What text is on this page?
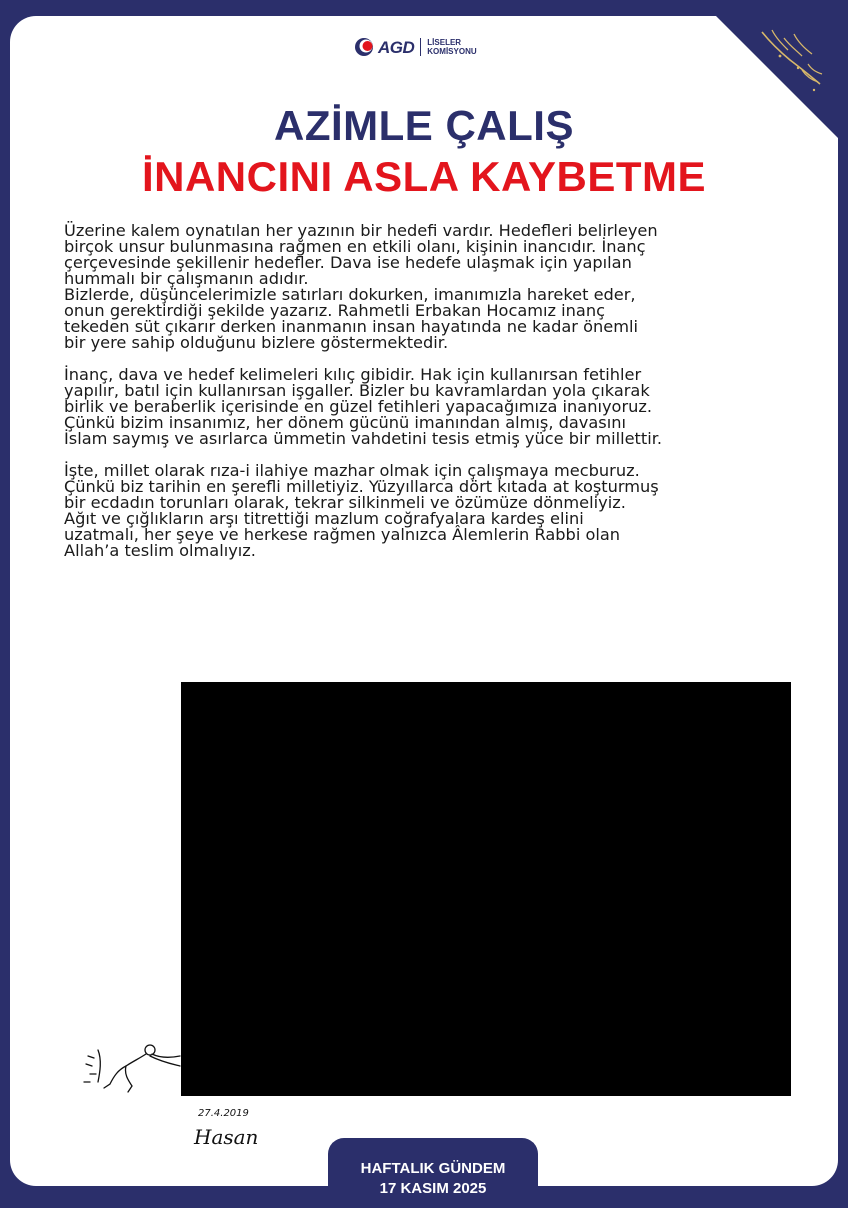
AGD LİSELER
KOMİSYONU
AZİMLE ÇALIŞ
İNANCINI ASLA KAYBETME

Üzerine kalem oynatılan her yazının bir hedefi vardır. Hedefleri belirleyen
birçok unsur bulunmasına rağmen en etkili olanı, kişinin inancıdır. İnanç
çerçevesinde şekillenir hedefler. Dava ise hedefe ulaşmak için yapılan
hummalı bir çalışmanın adıdır.
Bizlerde, düşüncelerimizle satırları dokurken, imanımızla hareket eder,
onun gerektirdiği şekilde yazarız. Rahmetli Erbakan Hocamız inanç
tekeden süt çıkarır derken inanmanın insan hayatında ne kadar önemli
bir yere sahip olduğunu bizlere göstermektedir.

İnanç, dava ve hedef kelimeleri kılıç gibidir. Hak için kullanırsan fetihler
yapılır, batıl için kullanırsan işgaller. Bizler bu kavramlardan yola çıkarak
birlik ve beraberlik içerisinde en güzel fetihleri yapacağımıza inanıyoruz.
Çünkü bizim insanımız, her dönem gücünü imanından almış, davasını
İslam saymış ve asırlarca ümmetin vahdetini tesis etmiş yüce bir millettir.

İşte, millet olarak rıza-i ilahiye mazhar olmak için çalışmaya mecburuz.
Çünkü biz tarihin en şerefli milletiyiz. Yüzyıllarca dört kıtada at koşturmuş
bir ecdadın torunları olarak, tekrar silkinmeli ve özümüze dönmeliyiz.
Ağıt ve çığlıkların arşı titrettiği mazlum coğrafyalara kardeş elini
uzatmalı, her şeye ve herkese rağmen yalnızca Âlemlerin Rabbi olan
Allah’a teslim olmalıyız.

27.4.2019
Hasan
HAFTALIK GÜNDEM
17 KASIM 2025
